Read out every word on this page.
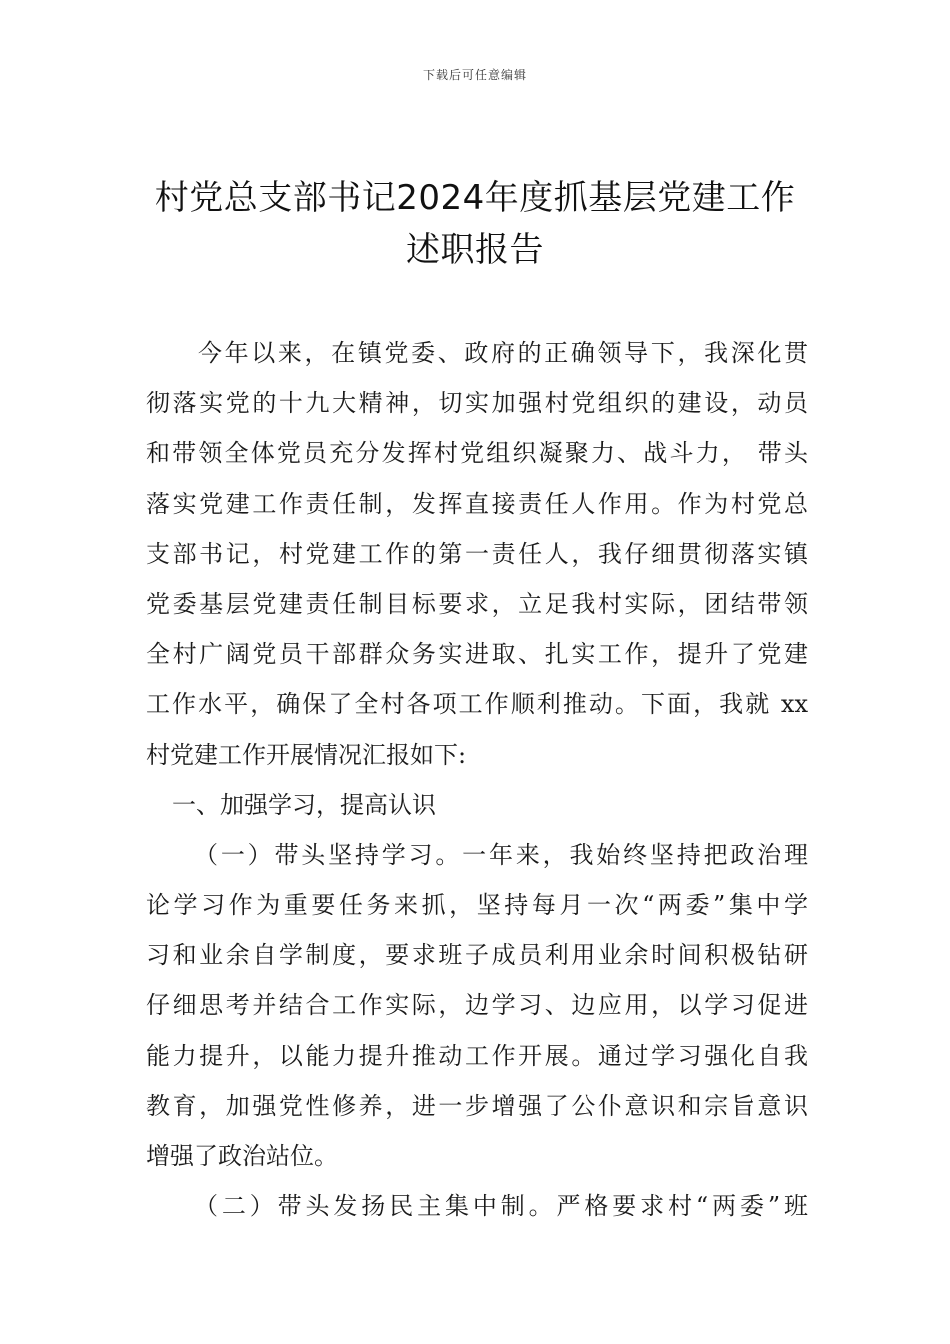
下载后可任意编辑
村党总支部书记2024年度抓基层党建工作
述职报告
今年以来，在镇党委、政府的正确领导下，我深化贯
彻落实党的十九大精神，切实加强村党组织的建设，动员
和带领全体党员充分发挥村党组织凝聚力、战斗力， 带头
落实党建工作责任制，发挥直接责任人作用。作为村党总
支部书记，村党建工作的第一责任人，我仔细贯彻落实镇
党委基层党建责任制目标要求，立足我村实际，团结带领
全村广阔党员干部群众务实进取、扎实工作，提升了党建
工作水平，确保了全村各项工作顺利推动。下面，我就 xx
村党建工作开展情况汇报如下:
一、加强学习，提高认识
（一）带头坚持学习。一年来，我始终坚持把政治理
论学习作为重要任务来抓，坚持每月一次“两委”集中学
习和业余自学制度，要求班子成员利用业余时间积极钻研
仔细思考并结合工作实际，边学习、边应用，以学习促进
能力提升，以能力提升推动工作开展。通过学习强化自我
教育，加强党性修养，进一步增强了公仆意识和宗旨意识
增强了政治站位。
（二）带头发扬民主集中制。严格要求村“两委”班
